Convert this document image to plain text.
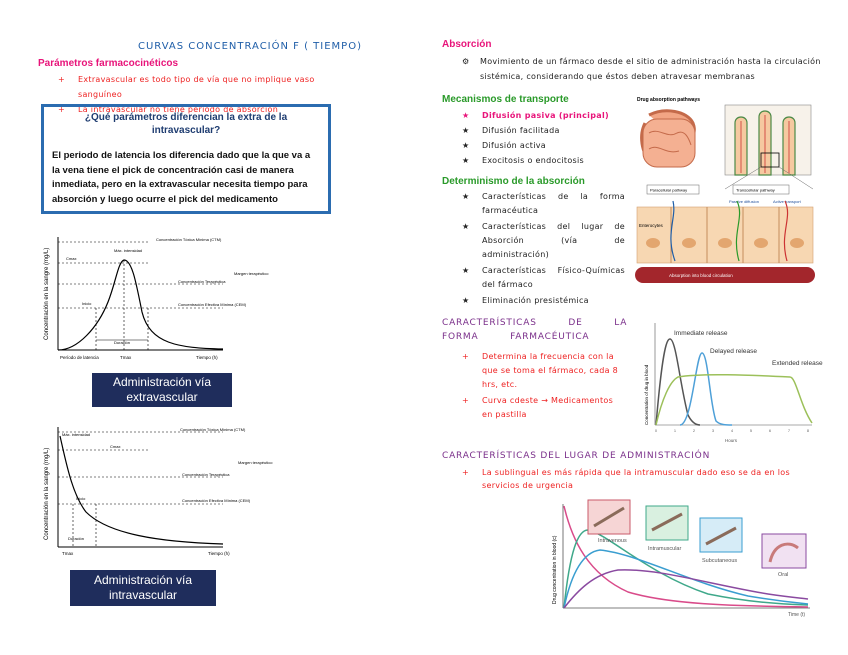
CURVAS CONCENTRACIÓN F ( TIEMPO)
Parámetros farmacocinéticos
+ Extravascular es todo tipo de vía que no implique vaso sanguíneo
+ La intravascular no tiene periodo de absorción
¿Qué parámetros diferencian la extra de la intravascular?
El periodo de latencia los diferencia dado que la que va a la vena tiene el pick de concentración casi de manera inmediata, pero en la extravascular necesita tiempo para absorción y luego ocurre el pick del medicamento
Concentración en la sangre (mg/L)	Cmax
Máx. intensidad
Concentración Tóxica Mínima (CTM)
Concentración Terapéutica
Concentración Efectiva Mínima (CEM)
Margen terapéutico
Inicio
Duración
Período de latencia	Tmax	Tiempo (h)
Administración vía extravascular
Concentración en la sangre (mg/L)
Cmax
Máx. intensidad
Concentración Tóxica Mínima (CTM)
Concentración Terapéutica
Concentración Efectiva Mínima (CEM)
Margen terapéutico
Inicio
Duración
Tmax	Tiempo (h)
Administración vía intravascular
Absorción
⚙ Movimiento de un fármaco desde el sitio de administración hasta la circulación sistémica, considerando que éstos deben atravesar membranas
Mecanismos de transporte
★ Difusión pasiva (principal)
★ Difusión facilitada
★ Difusión activa
★ Exocitosis o endocitosis
Determinismo de la absorción
★ Características de la forma farmacéutica
★ Características del lugar de Absorción (vía de administración)
★ Características Físico-Químicas del fármaco
★ Eliminación presistémica
Drug absorption pathways
Paracellular pathway	Transcellular pathway
Passive diffusion	Active transport
Enterocytes
Absorption into blood circulation
CARACTERÍSTICAS DE LA FORMA FARMACÉUTICA
+ Determina la frecuencia con la que se toma el fármaco, cada 8 hrs, etc.
+ Curva cdeste → Medicamentos en pastilla	Concentration of drug in blood
Immediate release
Delayed release
Extended release
0	1	2	3	4	5	6	7	8
Hours
CARACTERÍSTICAS DEL LUGAR DE ADMINISTRACIÓN
+ La sublingual es más rápida que la intramuscular dado eso se da en los servicios de urgencia
Drug concentration in blood (c)	Intravenous
Intramuscular
Subcutaneous
Oral
Time (t)
